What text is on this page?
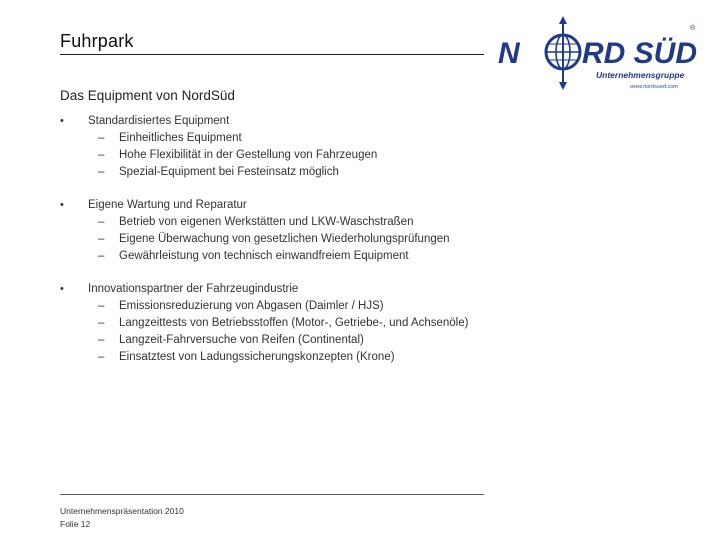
Fuhrpark	N RD SÜD
®
Unternehmensgruppe
www.nordsued.com
Das Equipment von NordSüd
•	Standardisiertes Equipment
–	Einheitliches Equipment
–	Hohe Flexibilität in der Gestellung von Fahrzeugen
–	Spezial-Equipment bei Festeinsatz möglich
•	Eigene Wartung und Reparatur
–	Betrieb von eigenen Werkstätten und LKW-Waschstraßen
–	Eigene Überwachung von gesetzlichen Wiederholungsprüfungen
–	Gewährleistung von technisch einwandfreiem Equipment
•	Innovationspartner der Fahrzeugindustrie
–	Emissionsreduzierung von Abgasen (Daimler / HJS)
–	Langzeittests von Betriebsstoffen (Motor-, Getriebe-, und Achsenöle)
–	Langzeit-Fahrversuche von Reifen (Continental)
–	Einsatztest von Ladungssicherungskonzepten (Krone)
Unternehmenspräsentation 2010
Folie 12
